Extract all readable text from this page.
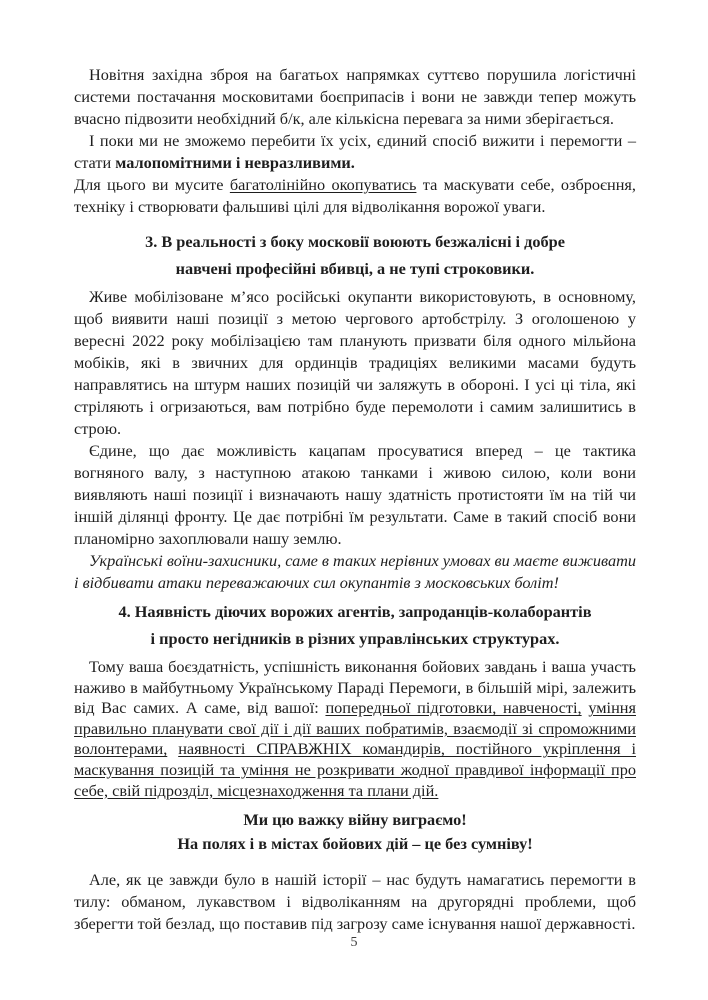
Новітня західна зброя на багатьох напрямках суттєво порушила логістичні системи постачання московитами боєприпасів і вони не завжди тепер можуть вчасно підвозити необхідний б/к, але кількісна перевага за ними зберігається.

І поки ми не зможемо перебити їх усіх, єдиний спосіб вижити і перемогти – стати малопомітними і невразливими.

Для цього ви мусите багатолінійно окопуватись та маскувати себе, озброєння, техніку і створювати фальшиві цілі для відволікання ворожої уваги.

3. В реальності з боку московії воюють безжалісні і добре
навчені професійні вбивці, а не тупі строковики.

Живе мобілізоване м’ясо російські окупанти використовують, в основному, щоб виявити наші позиції з метою чергового артобстрілу. З оголошеною у вересні 2022 року мобілізацією там планують призвати біля одного мільйона мобіків, які в звичних для ординців традиціях великими масами будуть направлятись на штурм наших позицій чи заляжуть в обороні. І усі ці тіла, які стріляють і огризаються, вам потрібно буде перемолоти і самим залишитись в строю.

Єдине, що дає можливість кацапам просуватися вперед – це тактика вогняного валу, з наступною атакою танками і живою силою, коли вони виявляють наші позиції і визначають нашу здатність протистояти їм на тій чи іншій ділянці фронту. Це дає потрібні їм результати. Саме в такий спосіб вони планомірно захоплювали нашу землю.

Українські воїни-захисники, саме в таких нерівних умовах ви маєте виживати і відбивати атаки переважаючих сил окупантів з московських боліт!

4. Наявність діючих ворожих агентів, запроданців-колаборантів
і просто негідників в різних управлінських структурах.

Тому ваша боєздатність, успішність виконання бойових завдань і ваша участь наживо в майбутньому Українському Параді Перемоги, в більшій мірі, залежить від Вас самих. А саме, від вашої: попередньої підготовки, навченості, уміння правильно планувати свої дії і дії ваших побратимів, взаємодії зі спроможними волонтерами, наявності СПРАВЖНІХ командирів, постійного укріплення і маскування позицій та уміння не розкривати жодної правдивої інформації про себе, свій підрозділ, місцезнаходження та плани дій.

Ми цю важку війну виграємо!

На полях і в містах бойових дій – це без сумніву!

Але, як це завжди було в нашій історії – нас будуть намагатись перемогти в тилу: обманом, лукавством і відволіканням на другорядні проблеми, щоб зберегти той безлад, що поставив під загрозу саме існування нашої державності.

5
